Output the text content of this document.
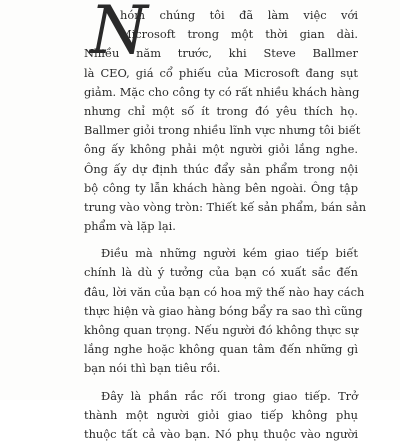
N
hóm chúng tôi đã làm việc với
Microsoft trong một thời gian dài.
Nhiều năm trước, khi Steve Ballmer
là CEO, giá cổ phiếu của Microsoft đang sụt
giảm. Mặc cho công ty có rất nhiều khách hàng
nhưng chỉ một số ít trong đó yêu thích họ.
Ballmer giỏi trong nhiều lĩnh vực nhưng tôi biết
ông ấy không phải một người giỏi lắng nghe.
Ông ấy dự định thúc đẩy sản phẩm trong nội
bộ công ty lẫn khách hàng bên ngoài. Ông tập
trung vào vòng tròn: Thiết kế sản phẩm, bán sản
phẩm và lặp lại.
Điều mà những người kém giao tiếp biết
chính là dù ý tưởng của bạn có xuất sắc đến
đâu, lời văn của bạn có hoa mỹ thế nào hay cách
thực hiện và giao hàng bóng bẩy ra sao thì cũng
không quan trọng. Nếu người đó không thực sự
lắng nghe hoặc không quan tâm đến những gì
bạn nói thì bạn tiêu rồi.
Đây là phần rắc rối trong giao tiếp. Trở
thành một người giỏi giao tiếp không phụ
thuộc tất cả vào bạn. Nó phụ thuộc vào người
